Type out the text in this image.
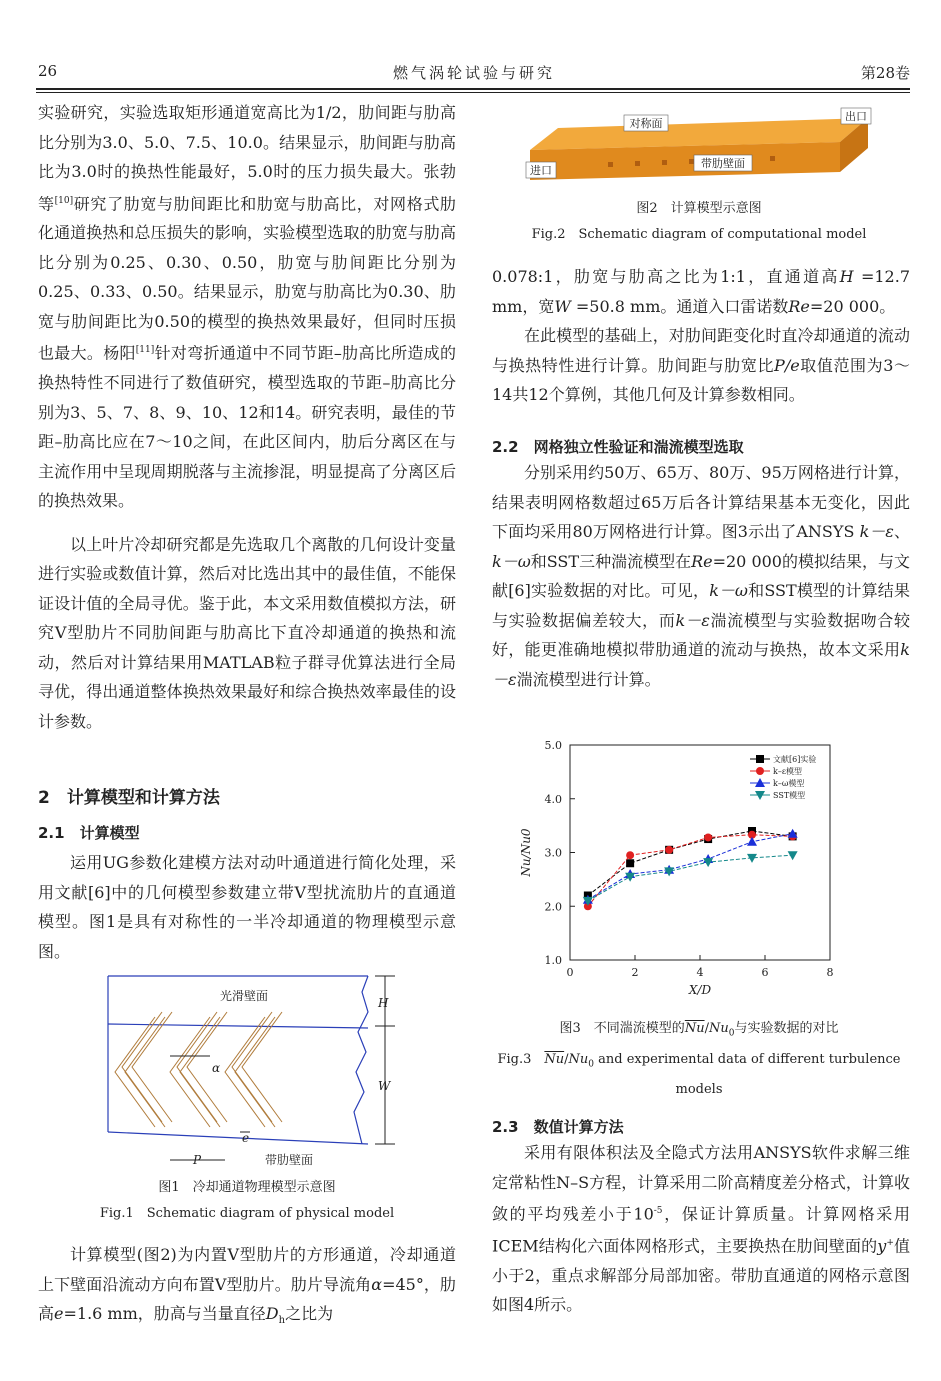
26	燃气涡轮试验与研究	第28卷

实验研究，实验选取矩形通道宽高比为1/2，肋间距与肋高比分别为3.0、5.0、7.5、10.0。结果显示，肋间距与肋高比为3.0时的换热性能最好，5.0时的压力损失最大。张勃等[10]研究了肋宽与肋间距比和肋宽与肋高比，对网格式肋化通道换热和总压损失的影响，实验模型选取的肋宽与肋高比分别为0.25、0.30、0.50，肋宽与肋间距比分别为0.25、0.33、0.50。结果显示，肋宽与肋高比为0.30、肋宽与肋间距比为0.50的模型的换热效果最好，但同时压损也最大。杨阳[11]针对弯折通道中不同节距–肋高比所造成的换热特性不同进行了数值研究，模型选取的节距–肋高比分别为3、5、7、8、9、10、12和14。研究表明，最佳的节距–肋高比应在7～10之间，在此区间内，肋后分离区在与主流作用中呈现周期脱落与主流掺混，明显提高了分离区后的换热效果。

以上叶片冷却研究都是先选取几个离散的几何设计变量进行实验或数值计算，然后对比选出其中的最佳值，不能保证设计值的全局寻优。鉴于此，本文采用数值模拟方法，研究V型肋片不同肋间距与肋高比下直冷却通道的换热和流动，然后对计算结果用MATLAB粒子群寻优算法进行全局寻优，得出通道整体换热效果最好和综合换热效率最佳的设计参数。

2　计算模型和计算方法
2.1　计算模型

运用UG参数化建模方法对动叶通道进行简化处理，采用文献[6]中的几何模型参数建立带V型扰流肋片的直通道模型。图1是具有对称性的一半冷却通道的物理模型示意图。

光滑壁面
带肋壁面
H
W
P
e
α
图1　冷却通道物理模型示意图
Fig.1　Schematic diagram of physical model

计算模型(图2)为内置V型肋片的方形通道，冷却通道上下壁面沿流动方向布置V型肋片。肋片导流角α=45°，肋高e=1.6 mm，肋高与当量直径$D_h$之比为

对称面
出口
进口
带肋壁面
图2　计算模型示意图
Fig.2　Schematic diagram of computational model

0.078:1，肋宽与肋高之比为1:1，直通道高H =12.7 mm，宽W =50.8 mm。通道入口雷诺数Re=20 000。

在此模型的基础上，对肋间距变化时直冷却通道的流动与换热特性进行计算。肋间距与肋宽比P/e取值范围为3～14共12个算例，其他几何及计算参数相同。

2.2　网格独立性验证和湍流模型选取

分别采用约50万、65万、80万、95万网格进行计算，结果表明网格数超过65万后各计算结果基本无变化，因此下面均采用80万网格进行计算。图3示出了ANSYS k－ε、k－ω和SST三种湍流模型在Re=20 000的模拟结果，与文献[6]实验数据的对比。可见，k－ω和SST模型的计算结果与实验数据偏差较大，而k－ε湍流模型与实验数据吻合较好，能更准确地模拟带肋通道的流动与换热，故本文采用k－ε湍流模型进行计算。

1.0
2.0
3.0
4.0
5.0
0	2	4	6	8
X/D
Nu/Nu0
文献[6]实验
k–ε模型
k–ω模型
SST模型
图3　不同湍流模型的$\overline{Nu}/Nu_0$与实验数据的对比
Fig.3　$\overline{Nu}/Nu_0$ and experimental data of different turbulence
models
2.3　数值计算方法

采用有限体积法及全隐式方法用ANSYS软件求解三维定常粘性N–S方程，计算采用二阶高精度差分格式，计算收敛的平均残差小于$10^{-5}$，保证计算质量。计算网格采用ICEM结构化六面体网格形式，主要换热在肋间壁面的y+值小于2，重点求解部分局部加密。带肋直通道的网格示意图如图4所示。
